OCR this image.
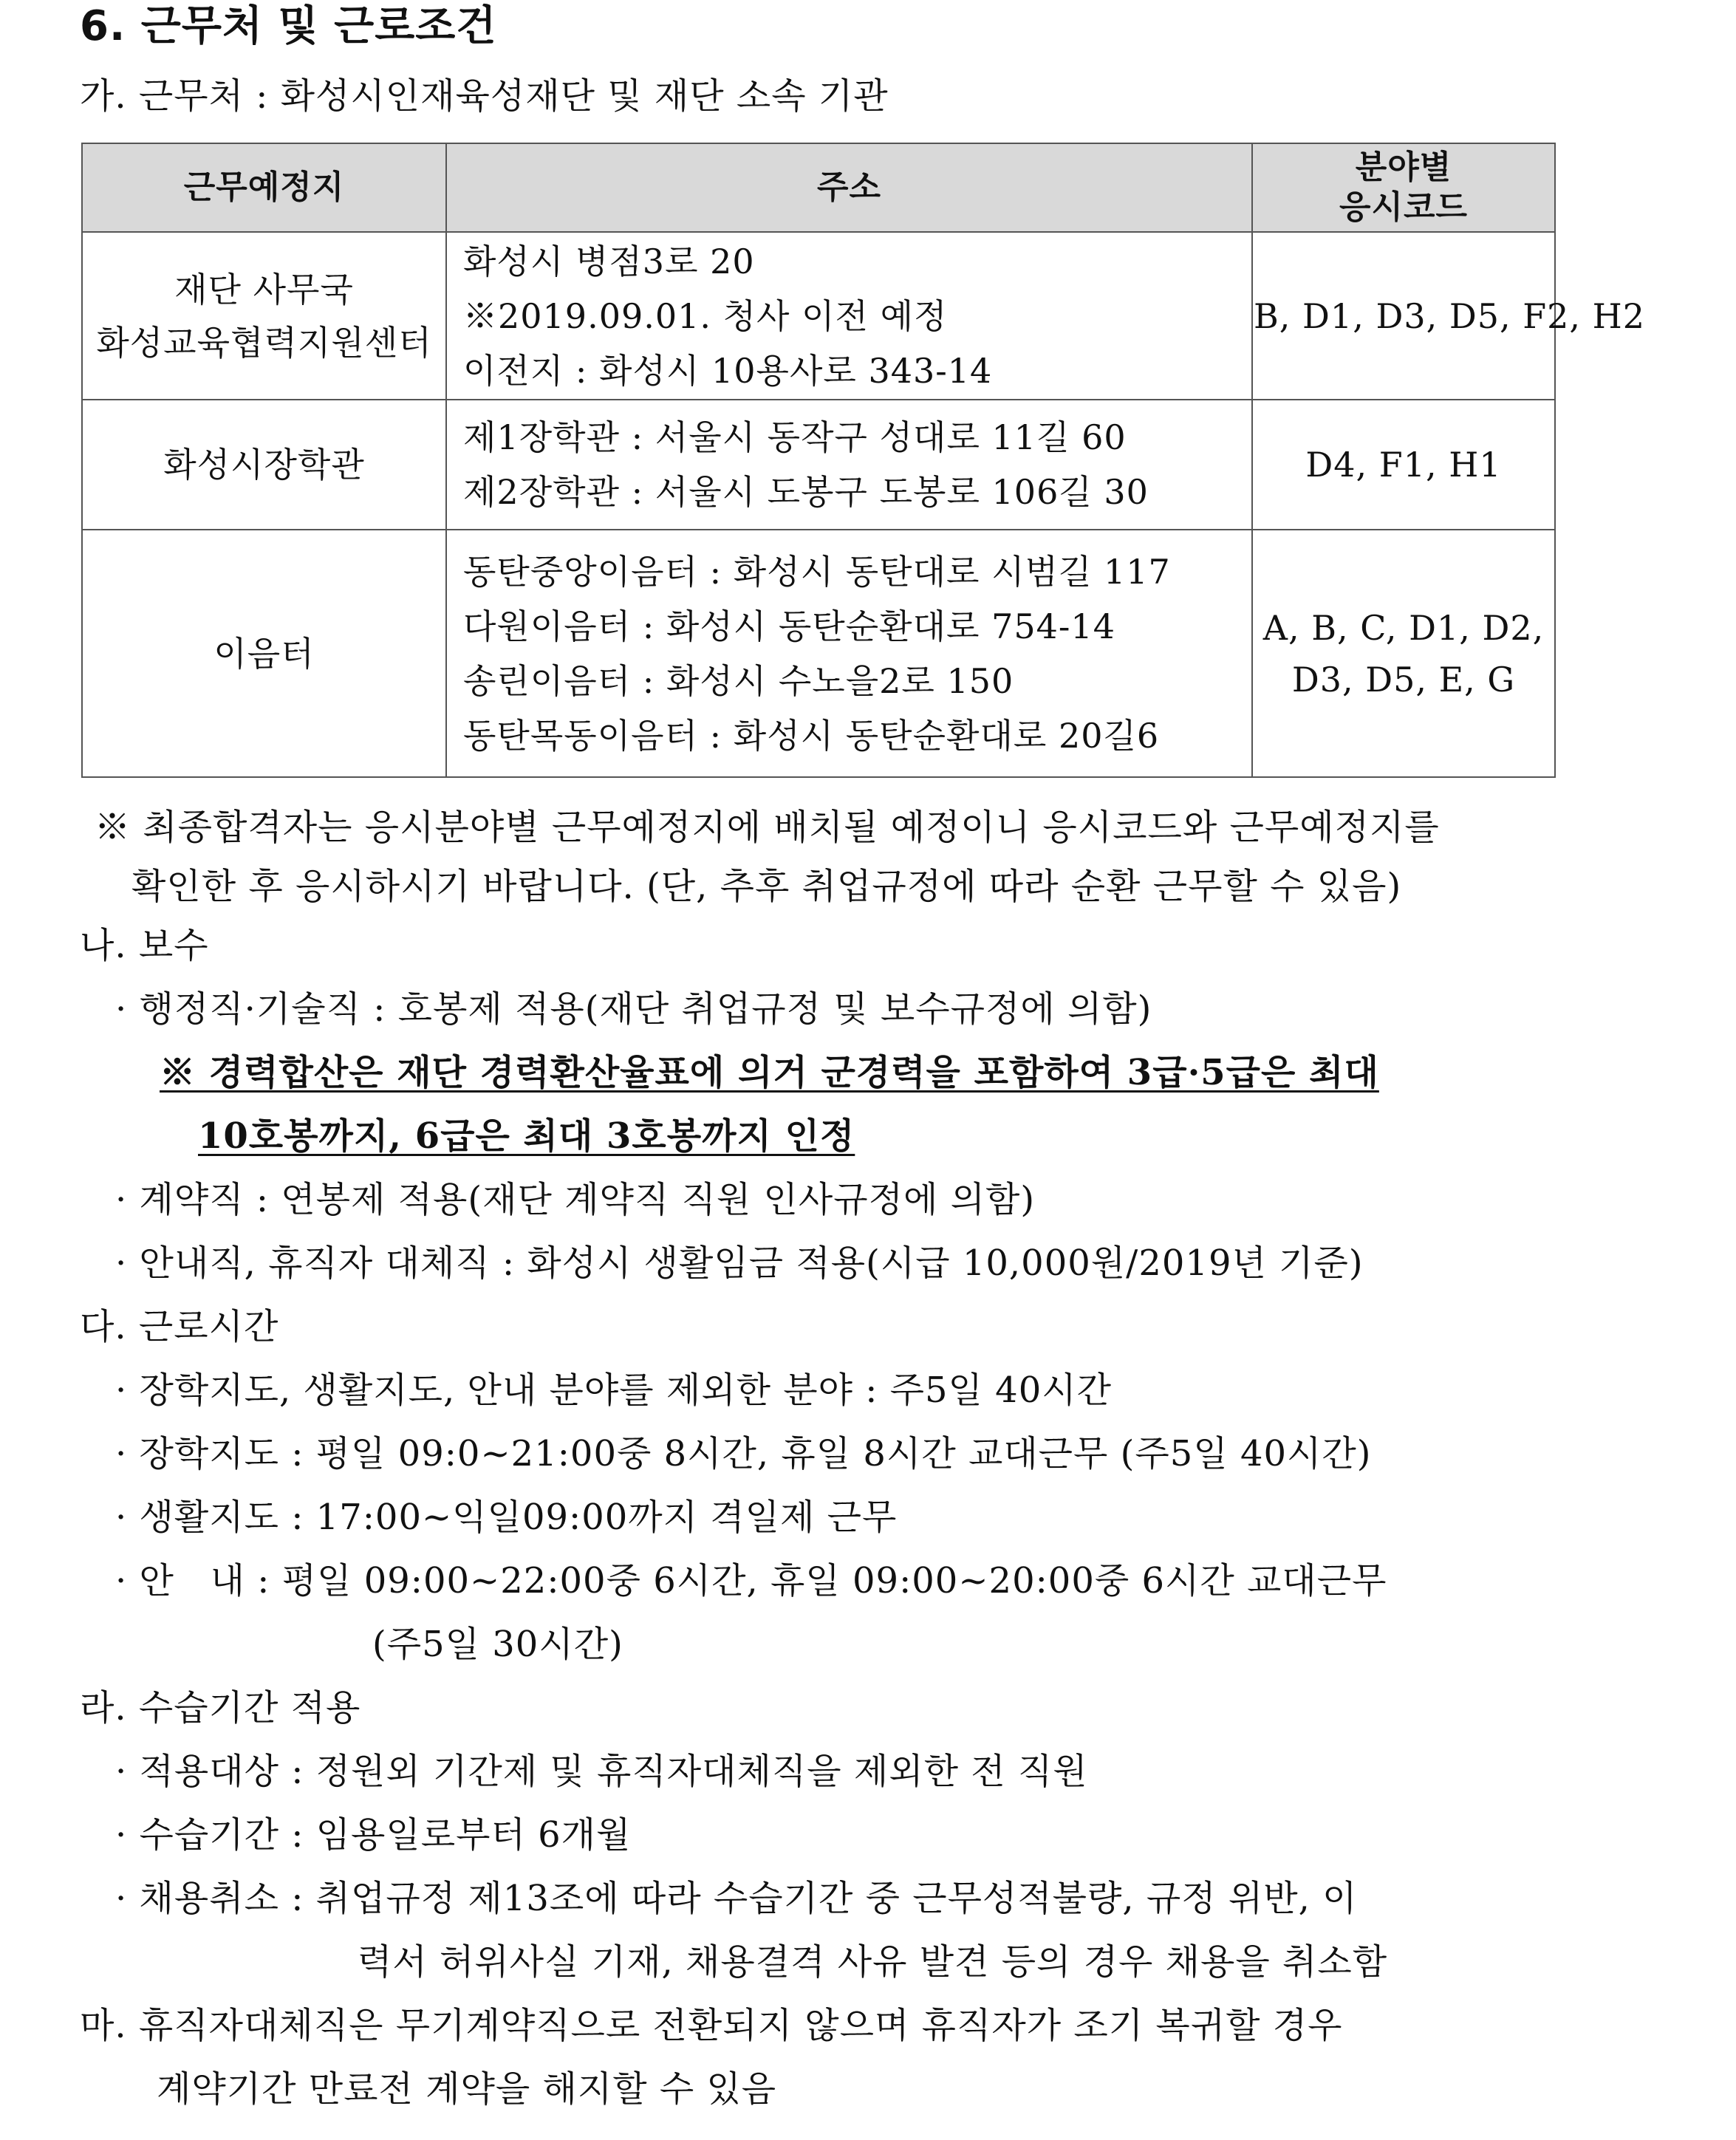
6. 근무처 및 근로조건
가. 근무처 : 화성시인재육성재단 및 재단 소속 기관
근무예정지	주소	분야별
응시코드

재단 사무국
화성교육협력지원센터	화성시 병점3로 20
※2019.09.01. 청사 이전 예정
이전지 : 화성시 10용사로 343-14	B, D1, D3, D5, F2, H2

화성시장학관	제1장학관 : 서울시 동작구 성대로 11길 60
제2장학관 : 서울시 도봉구 도봉로 106길 30	D4, F1, H1

이음터	동탄중앙이음터 : 화성시 동탄대로 시범길 117
다원이음터 : 화성시 동탄순환대로 754-14
송린이음터 : 화성시 수노을2로 150
동탄목동이음터 : 화성시 동탄순환대로 20길6	A, B, C, D1, D2,
D3, D5, E, G
※ 최종합격자는 응시분야별 근무예정지에 배치될 예정이니 응시코드와 근무예정지를
확인한 후 응시하시기 바랍니다. (단, 추후 취업규정에 따라 순환 근무할 수 있음)
나. 보수
· 행정직·기술직 : 호봉제 적용(재단 취업규정 및 보수규정에 의함)
※ 경력합산은 재단 경력환산율표에 의거 군경력을 포함하여 3급·5급은 최대
10호봉까지, 6급은 최대 3호봉까지 인정
· 계약직 : 연봉제 적용(재단 계약직 직원 인사규정에 의함)
· 안내직, 휴직자 대체직 : 화성시 생활임금 적용(시급 10,000원/2019년 기준)
다. 근로시간
· 장학지도, 생활지도, 안내 분야를 제외한 분야 : 주5일 40시간
· 장학지도 : 평일 09:0~21:00중 8시간, 휴일 8시간 교대근무 (주5일 40시간)
· 생활지도 : 17:00~익일09:00까지 격일제 근무
· 안   내 : 평일 09:00~22:00중 6시간, 휴일 09:00~20:00중 6시간 교대근무
(주5일 30시간)
라. 수습기간 적용
· 적용대상 : 정원외 기간제 및 휴직자대체직을 제외한 전 직원
· 수습기간 : 임용일로부터 6개월
· 채용취소 : 취업규정 제13조에 따라 수습기간 중 근무성적불량, 규정 위반, 이
력서 허위사실 기재, 채용결격 사유 발견 등의 경우 채용을 취소함
마. 휴직자대체직은 무기계약직으로 전환되지 않으며 휴직자가 조기 복귀할 경우
계약기간 만료전 계약을 해지할 수 있음
